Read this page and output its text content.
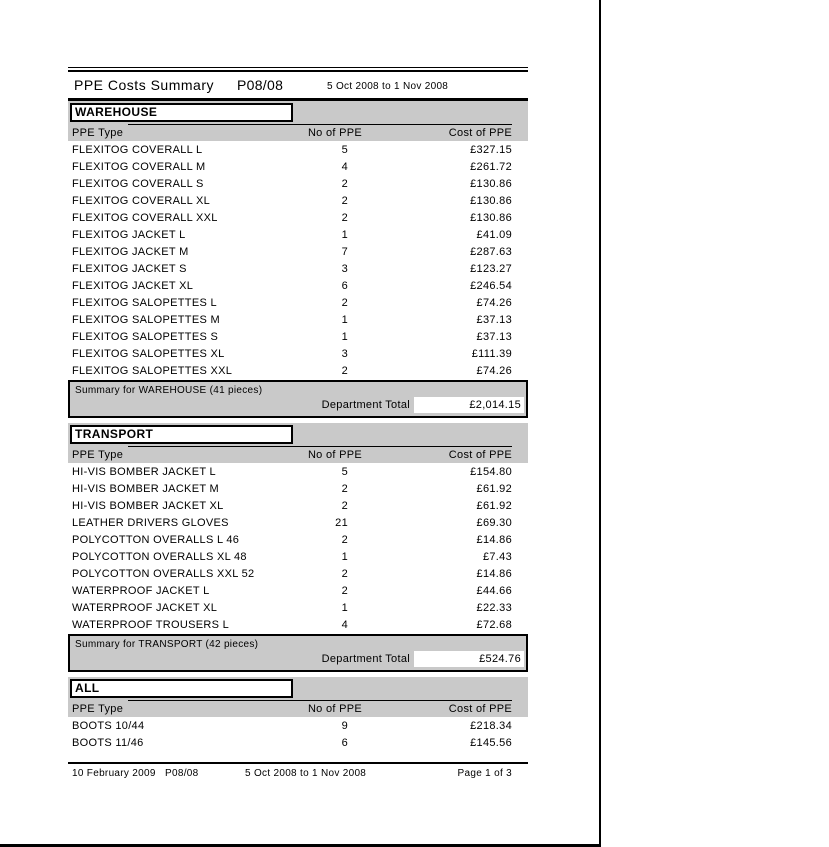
PPE Costs Summary	P08/08	5 Oct 2008 to 1 Nov 2008
WAREHOUSE
PPE Type	No of PPE	Cost of PPE
FLEXITOG COVERALL L	5	£327.15
FLEXITOG COVERALL M	4	£261.72
FLEXITOG COVERALL S	2	£130.86
FLEXITOG COVERALL XL	2	£130.86
FLEXITOG COVERALL XXL	2	£130.86
FLEXITOG JACKET L	1	£41.09
FLEXITOG JACKET M	7	£287.63
FLEXITOG JACKET S	3	£123.27
FLEXITOG JACKET XL	6	£246.54
FLEXITOG SALOPETTES L	2	£74.26
FLEXITOG SALOPETTES M	1	£37.13
FLEXITOG SALOPETTES S	1	£37.13
FLEXITOG SALOPETTES XL	3	£111.39
FLEXITOG SALOPETTES XXL	2	£74.26
Summary for WAREHOUSE (41 pieces)
Department Total	£2,014.15
TRANSPORT
PPE Type	No of PPE	Cost of PPE
HI-VIS BOMBER JACKET L	5	£154.80
HI-VIS BOMBER JACKET M	2	£61.92
HI-VIS BOMBER JACKET XL	2	£61.92
LEATHER DRIVERS GLOVES	21	£69.30
POLYCOTTON OVERALLS L 46	2	£14.86
POLYCOTTON OVERALLS XL 48	1	£7.43
POLYCOTTON OVERALLS XXL 52	2	£14.86
WATERPROOF JACKET L	2	£44.66
WATERPROOF JACKET XL	1	£22.33
WATERPROOF TROUSERS L	4	£72.68
Summary for TRANSPORT (42 pieces)
Department Total	£524.76
ALL
PPE Type	No of PPE	Cost of PPE
BOOTS 10/44	9	£218.34
BOOTS 11/46	6	£145.56
10 February 2009 P08/08	5 Oct 2008 to 1 Nov 2008	Page 1 of 3
